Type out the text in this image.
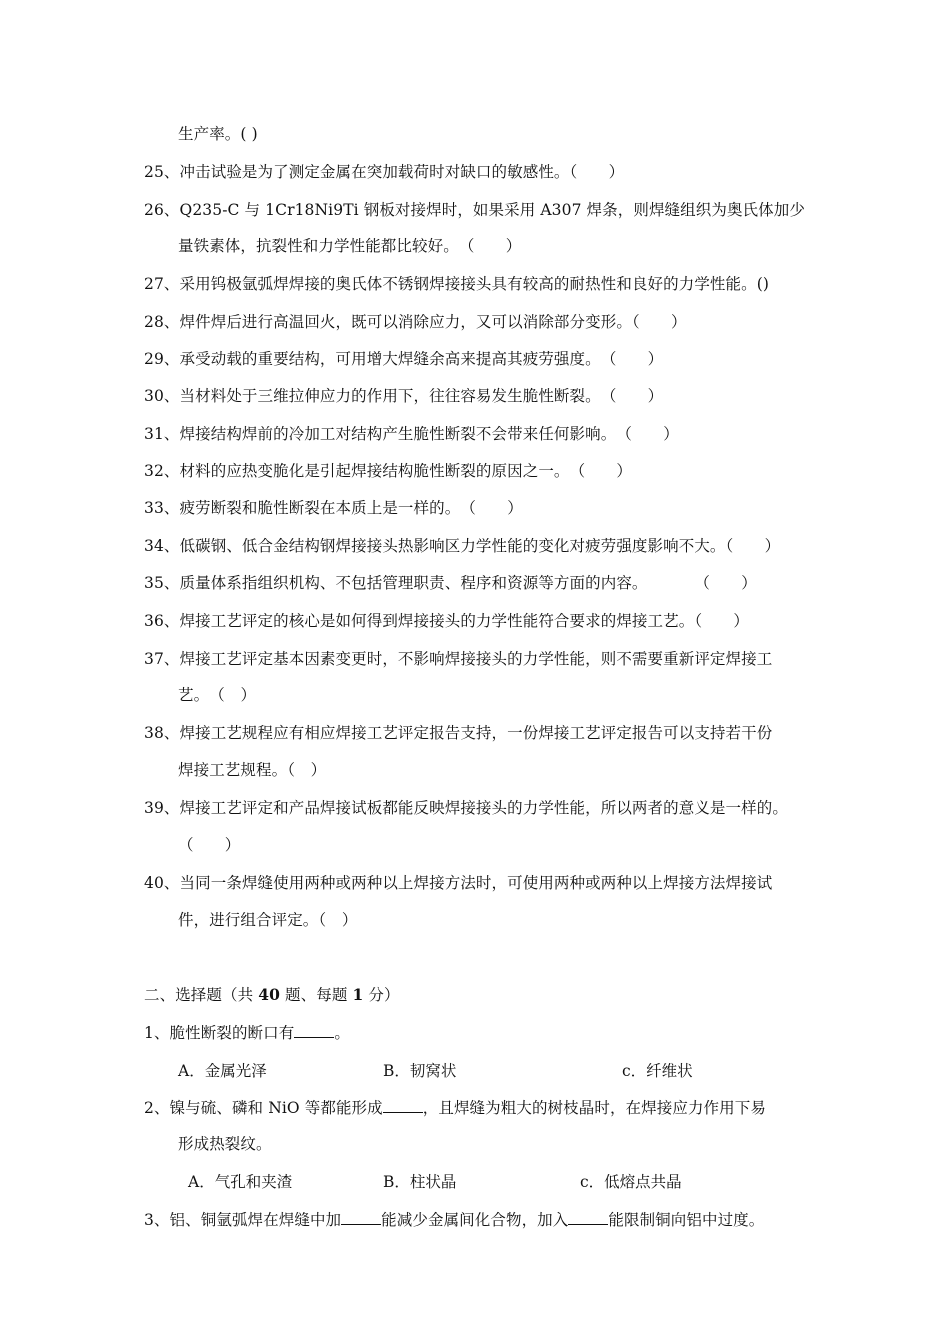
生产率。( )
25、冲击试验是为了测定金属在突加载荷时对缺口的敏感性。（　　）
26、Q235-C 与 1Cr18Ni9Ti 钢板对接焊时，如果采用 A307 焊条，则焊缝组织为奥氏体加少
量铁素体，抗裂性和力学性能都比较好。　（　　）
27、采用钨极氩弧焊焊接的奥氏体不锈钢焊接接头具有较高的耐热性和良好的力学性能。()
28、焊件焊后进行高温回火，既可以消除应力，又可以消除部分变形。（　　）
29、承受动载的重要结构，可用增大焊缝余高来提高其疲劳强度。　（　　）
30、当材料处于三维拉伸应力的作用下，往往容易发生脆性断裂。　（　　）
31、焊接结构焊前的冷加工对结构产生脆性断裂不会带来任何影响。　（　　）
32、材料的应热变脆化是引起焊接结构脆性断裂的原因之一。　（　　）
33、疲劳断裂和脆性断裂在本质上是一样的。　（　　）
34、低碳钢、低合金结构钢焊接接头热影响区力学性能的变化对疲劳强度影响不大。（　　）
35、质量体系指组织机构、不包括管理职责、程序和资源等方面的内容。　　　　（　　）
36、焊接工艺评定的核心是如何得到焊接接头的力学性能符合要求的焊接工艺。（　　）
37、焊接工艺评定基本因素变更时，不影响焊接接头的力学性能，则不需要重新评定焊接工
艺。　（　）
38、焊接工艺规程应有相应焊接工艺评定报告支持，一份焊接工艺评定报告可以支持若干份
焊接工艺规程。（　）
39、焊接工艺评定和产品焊接试板都能反映焊接接头的力学性能，所以两者的意义是一样的。
（　　）
40、当同一条焊缝使用两种或两种以上焊接方法时，可使用两种或两种以上焊接方法焊接试
件，进行组合评定。（　）
二、选择题（共 40 题、每题 1 分）
1、脆性断裂的断口有	。
A．金属光泽	B．韧窝状	c．纤维状
2、镍与硫、磷和 NiO 等都能形成	，且焊缝为粗大的树枝晶时，在焊接应力作用下易
形成热裂纹。
A．气孔和夹渣	B．柱状晶	c．低熔点共晶
3、铝、铜氩弧焊在焊缝中加	能减少金属间化合物，加入	能限制铜向铝中过度。
